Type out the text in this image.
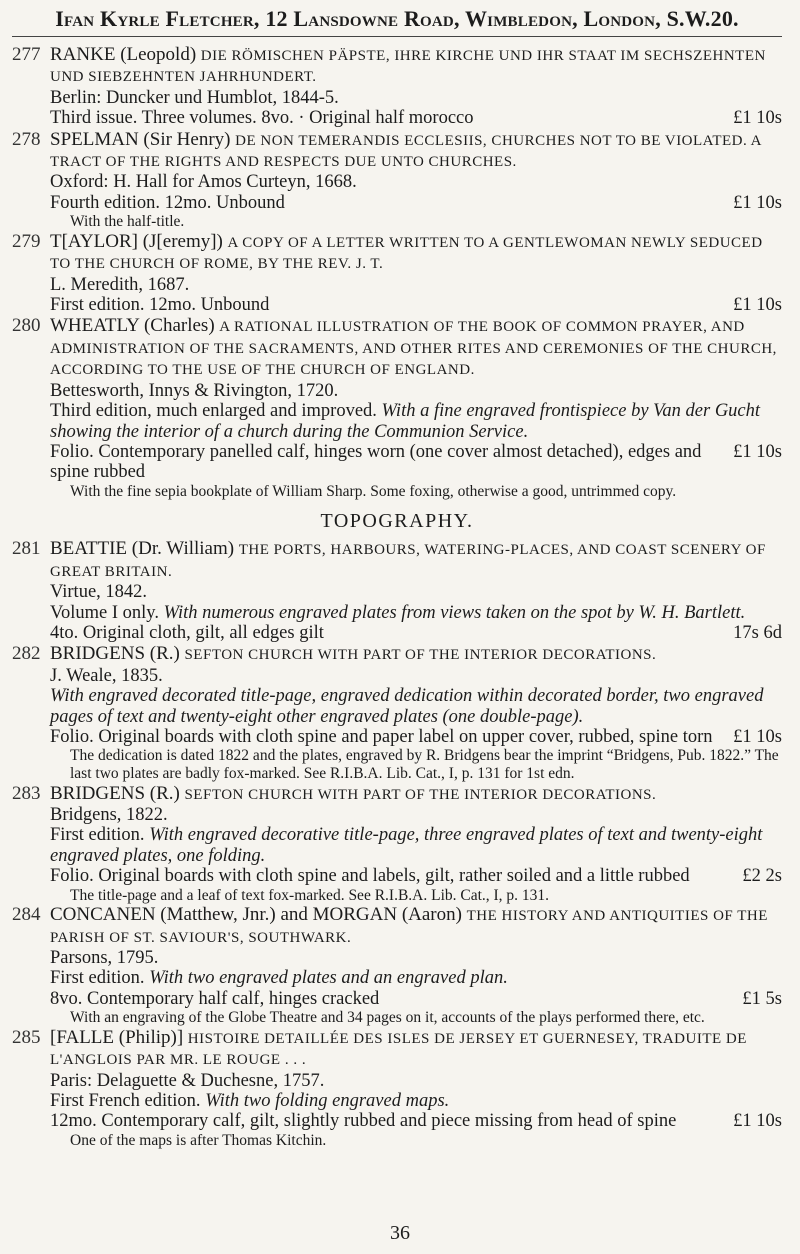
Ifan Kyrle Fletcher, 12 Lansdowne Road, Wimbledon, London, S.W.20.
277 RANKE (Leopold) DIE RÖMISCHEN PÄPSTE, IHRE KIRCHE UND IHR STAAT IM SECHSZEHNTEN UND SIEBZEHNTEN JAHRHUNDERT.
Berlin: Duncker und Humblot, 1844-5.
Third issue. Three volumes. 8vo. · Original half morocco	£1 10s
278 SPELMAN (Sir Henry) DE NON TEMERANDIS ECCLESIIS, CHURCHES NOT TO BE VIOLATED. A TRACT OF THE RIGHTS AND RESPECTS DUE UNTO CHURCHES.
Oxford: H. Hall for Amos Curteyn, 1668.
Fourth edition. 12mo. Unbound	£1 10s
With the half-title.
279 T[AYLOR] (J[eremy]) A COPY OF A LETTER WRITTEN TO A GENTLEWOMAN NEWLY SEDUCED TO THE CHURCH OF ROME, BY THE REV. J. T.
L. Meredith, 1687.
First edition. 12mo. Unbound	£1 10s
280 WHEATLY (Charles) A RATIONAL ILLUSTRATION OF THE BOOK OF COMMON PRAYER, AND ADMINISTRATION OF THE SACRAMENTS, AND OTHER RITES AND CEREMONIES OF THE CHURCH, ACCORDING TO THE USE OF THE CHURCH OF ENGLAND.
Bettesworth, Innys & Rivington, 1720.
Third edition, much enlarged and improved. With a fine engraved frontispiece by Van der Gucht showing the interior of a church during the Communion Service.
Folio. Contemporary panelled calf, hinges worn (one cover almost detached), edges and spine rubbed
£1 10s
With the fine sepia bookplate of William Sharp. Some foxing, otherwise a good, untrimmed copy.
TOPOGRAPHY.
281 BEATTIE (Dr. William) THE PORTS, HARBOURS, WATERING-PLACES, AND COAST SCENERY OF GREAT BRITAIN.
Virtue, 1842.
Volume I only. With numerous engraved plates from views taken on the spot by W. H. Bartlett.
4to. Original cloth, gilt, all edges gilt	17s 6d
282 BRIDGENS (R.) SEFTON CHURCH WITH PART OF THE INTERIOR DECORATIONS.
J. Weale, 1835.
With engraved decorated title-page, engraved dedication within decorated border, two engraved pages of text and twenty-eight other engraved plates (one double-page).
Folio. Original boards with cloth spine and paper label on upper cover, rubbed, spine torn	£1 10s
The dedication is dated 1822 and the plates, engraved by R. Bridgens bear the imprint “Bridgens, Pub. 1822.” The last two plates are badly fox-marked. See R.I.B.A. Lib. Cat., I, p. 131 for 1st edn.
283 BRIDGENS (R.) SEFTON CHURCH WITH PART OF THE INTERIOR DECORATIONS.
Bridgens, 1822.
First edition. With engraved decorative title-page, three engraved plates of text and twenty-eight engraved plates, one folding.
Folio. Original boards with cloth spine and labels, gilt, rather soiled and a little rubbed	£2 2s
The title-page and a leaf of text fox-marked. See R.I.B.A. Lib. Cat., I, p. 131.
284 CONCANEN (Matthew, Jnr.) and MORGAN (Aaron) THE HISTORY AND ANTIQUITIES OF THE PARISH OF ST. SAVIOUR'S, SOUTHWARK.
Parsons, 1795.
First edition. With two engraved plates and an engraved plan.
8vo. Contemporary half calf, hinges cracked	£1 5s
With an engraving of the Globe Theatre and 34 pages on it, accounts of the plays performed there, etc.
285 [FALLE (Philip)] HISTOIRE DETAILLÉE DES ISLES DE JERSEY ET GUERNESEY, TRADUITE DE L'ANGLOIS PAR MR. LE ROUGE . . .
Paris: Delaguette & Duchesne, 1757.
First French edition. With two folding engraved maps.
12mo. Contemporary calf, gilt, slightly rubbed and piece missing from head of spine	£1 10s
One of the maps is after Thomas Kitchin.
36
